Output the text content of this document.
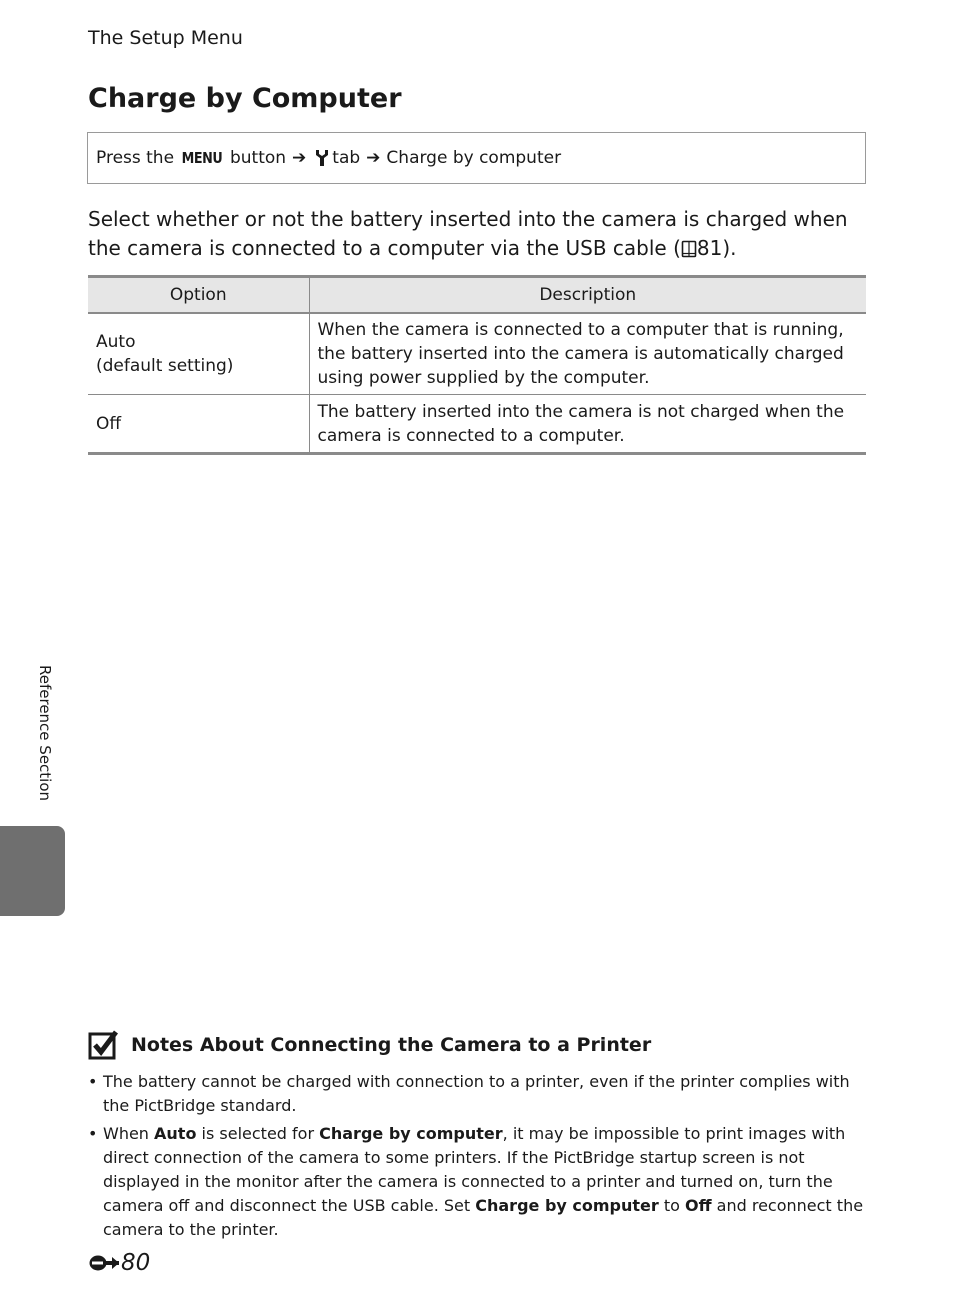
The Setup Menu
Charge by Computer
Press the MENU button ➔ tab ➔ Charge by computer

Select whether or not the battery inserted into the camera is charged when the camera is connected to a computer via the USB cable ( 81).

Option	Description

Auto
(default setting)	When the camera is connected to a computer that is running, the battery inserted into the camera is automatically charged using power supplied by the computer.

Off	The battery inserted into the camera is not charged when the camera is connected to a computer.
Reference Section
Notes About Connecting the Camera to a Printer
• The battery cannot be charged with connection to a printer, even if the printer complies with the PictBridge standard.
• When Auto is selected for Charge by computer, it may be impossible to print images with direct connection of the camera to some printers. If the PictBridge startup screen is not displayed in the monitor after the camera is connected to a printer and turned on, turn the camera off and disconnect the USB cable. Set Charge by computer to Off and reconnect the camera to the printer.
80
